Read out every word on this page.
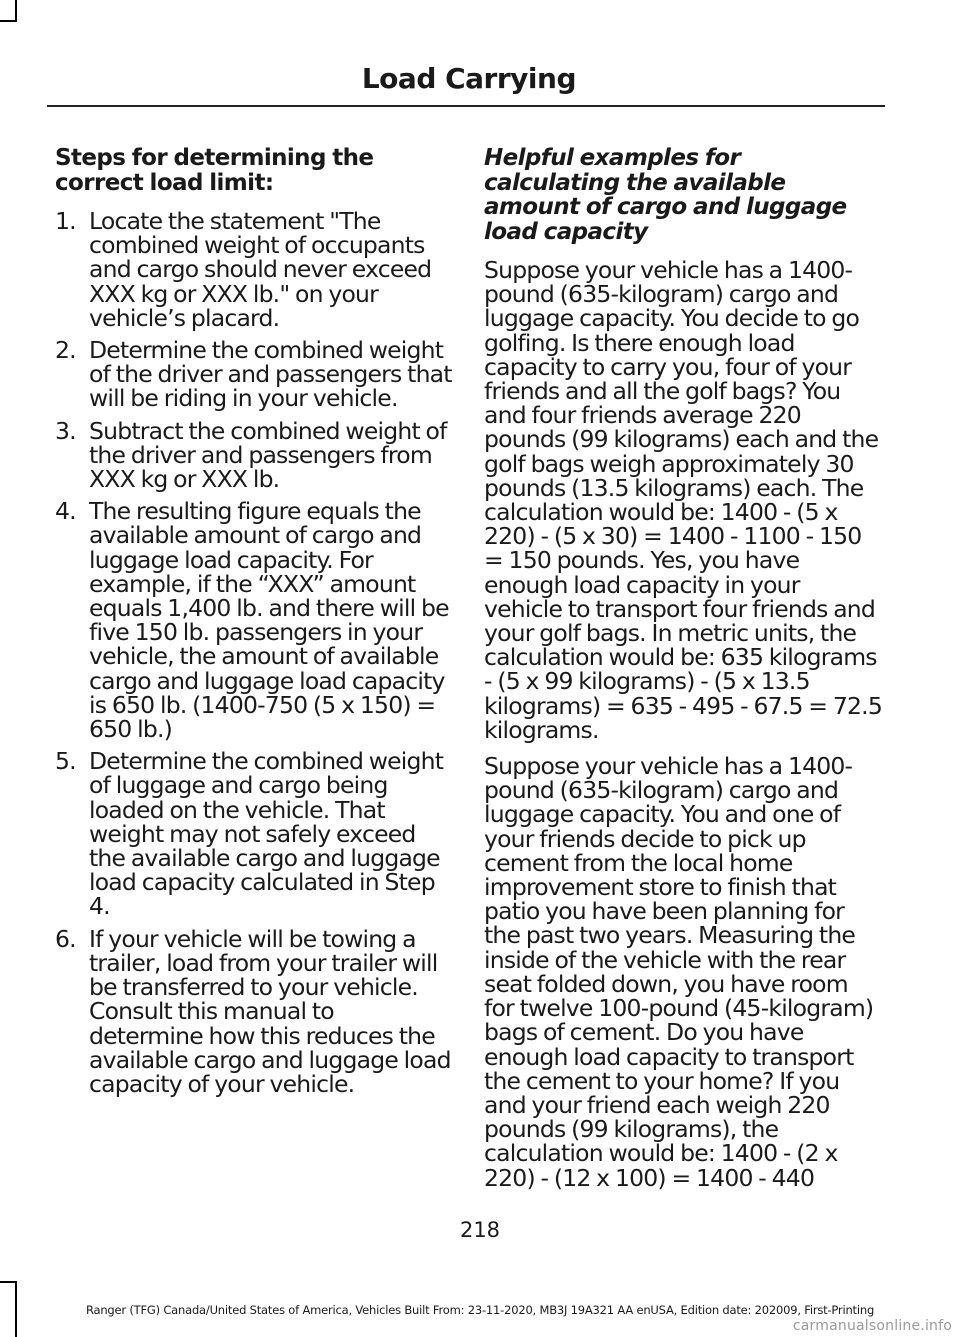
Load Carrying
Steps for determining the correct load limit:
1. Locate the statement "The combined weight of occupants and cargo should never exceed XXX kg or XXX lb." on your vehicle’s placard.
2. Determine the combined weight of the driver and passengers that will be riding in your vehicle.
3. Subtract the combined weight of the driver and passengers from XXX kg or XXX lb.
4. The resulting figure equals the available amount of cargo and luggage load capacity. For example, if the “XXX” amount equals 1,400 lb. and there will be five 150 lb. passengers in your vehicle, the amount of available cargo and luggage load capacity is 650 lb. (1400-750 (5 x 150) = 650 lb.)
5. Determine the combined weight of luggage and cargo being loaded on the vehicle. That weight may not safely exceed the available cargo and luggage load capacity calculated in Step 4.
6. If your vehicle will be towing a trailer, load from your trailer will be transferred to your vehicle. Consult this manual to determine how this reduces the available cargo and luggage load capacity of your vehicle.
Helpful examples for calculating the available amount of cargo and luggage load capacity

Suppose your vehicle has a 1400-pound (635-kilogram) cargo and luggage capacity. You decide to go golfing. Is there enough load capacity to carry you, four of your friends and all the golf bags? You and four friends average 220 pounds (99 kilograms) each and the golf bags weigh approximately 30 pounds (13.5 kilograms) each. The calculation would be: 1400 - (5 x 220) - (5 x 30) = 1400 - 1100 - 150 = 150 pounds. Yes, you have enough load capacity in your vehicle to transport four friends and your golf bags. In metric units, the calculation would be: 635 kilograms - (5 x 99 kilograms) - (5 x 13.5 kilograms) = 635 - 495 - 67.5 = 72.5 kilograms.

Suppose your vehicle has a 1400-pound (635-kilogram) cargo and luggage capacity. You and one of your friends decide to pick up cement from the local home improvement store to finish that patio you have been planning for the past two years. Measuring the inside of the vehicle with the rear seat folded down, you have room for twelve 100-pound (45-kilogram) bags of cement. Do you have enough load capacity to transport the cement to your home? If you and your friend each weigh 220 pounds (99 kilograms), the calculation would be: 1400 - (2 x 220) - (12 x 100) = 1400 - 440

218
Ranger (TFG) Canada/United States of America, Vehicles Built From: 23-11-2020, MB3J 19A321 AA enUSA, Edition date: 202009, First-Printing
carmanualsonline.info
